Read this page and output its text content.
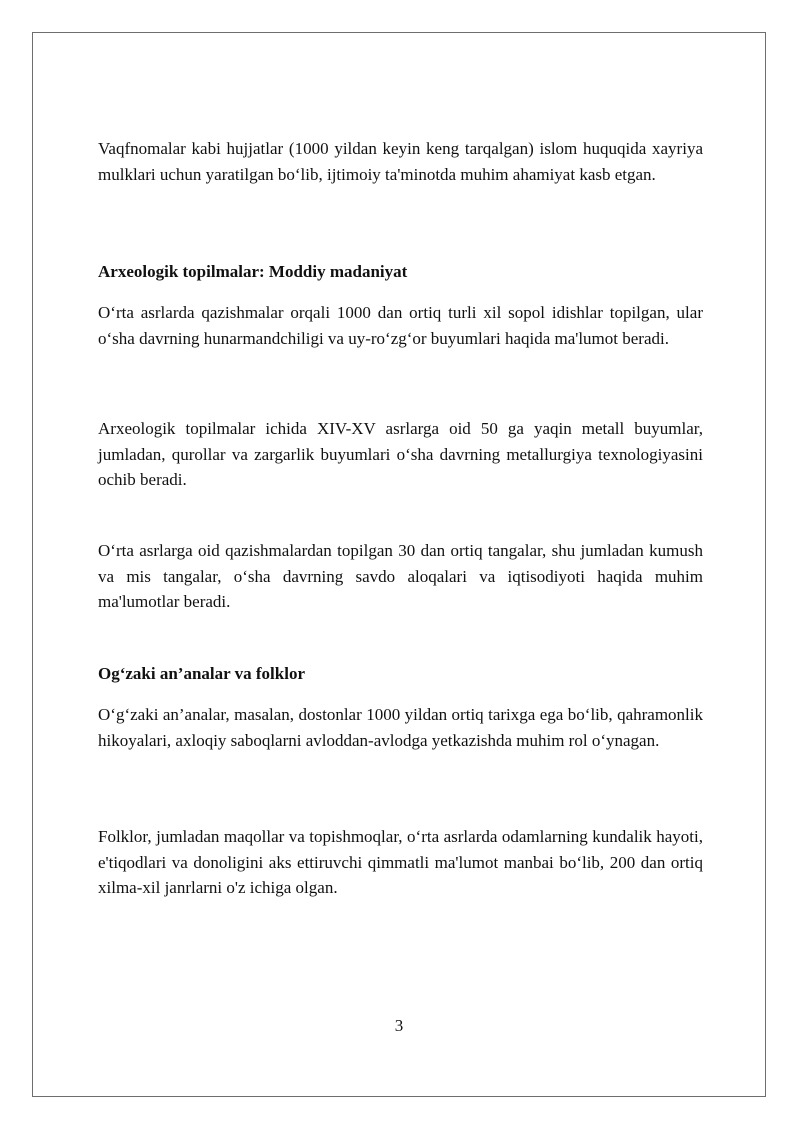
Vaqfnomalar kabi hujjatlar (1000 yildan keyin keng tarqalgan) islom huquqida xayriya mulklari uchun yaratilgan bo‘lib, ijtimoiy ta'minotda muhim ahamiyat kasb etgan.

Arxeologik topilmalar: Moddiy madaniyat

O‘rta asrlarda qazishmalar orqali 1000 dan ortiq turli xil sopol idishlar topilgan, ular o‘sha davrning hunarmandchiligi va uy-ro‘zg‘or buyumlari haqida ma'lumot beradi.

Arxeologik topilmalar ichida XIV-XV asrlarga oid 50 ga yaqin metall buyumlar, jumladan, qurollar va zargarlik buyumlari o‘sha davrning metallurgiya texnologiyasini ochib beradi.

O‘rta asrlarga oid qazishmalardan topilgan 30 dan ortiq tangalar, shu jumladan kumush va mis tangalar, o‘sha davrning savdo aloqalari va iqtisodiyoti haqida muhim ma'lumotlar beradi.

Og‘zaki an’analar va folklor

O‘g‘zaki an’analar, masalan, dostonlar 1000 yildan ortiq tarixga ega bo‘lib, qahramonlik hikoyalari, axloqiy saboqlarni avloddan-avlodga yetkazishda muhim rol o‘ynagan.

Folklor, jumladan maqollar va topishmoqlar, o‘rta asrlarda odamlarning kundalik hayoti, e'tiqodlari va donoligini aks ettiruvchi qimmatli ma'lumot manbai bo‘lib, 200 dan ortiq xilma-xil janrlarni o'z ichiga olgan.

3
